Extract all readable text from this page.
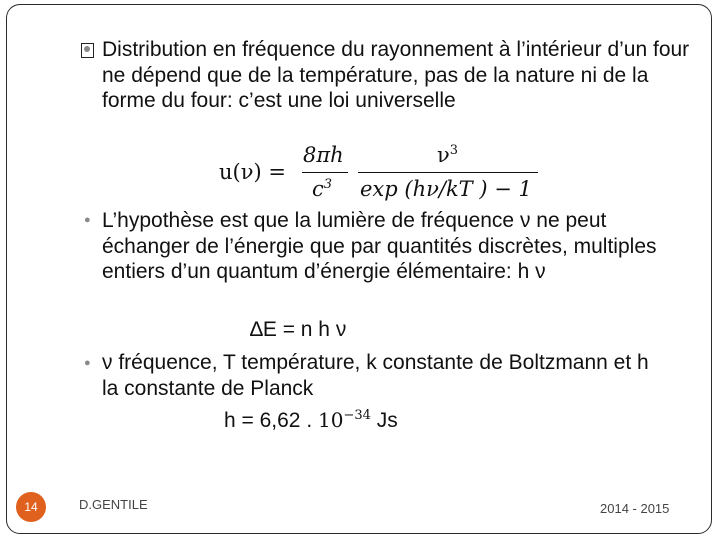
Distribution en fréquence du rayonnement à l’intérieur d’un four ne dépend que de la température, pas de la nature ni de la forme du four: c’est une loi universelle
u(ν) =
8πh
$c^3$
$\nu^3$
exp (hν/kT ) − 1
● L’hypothèse est que la lumière de fréquence ν ne peut échanger de l’énergie que par quantités discrètes, multiples entiers d’un quantum d’énergie élémentaire: h ν
∆E = n h ν
● ν fréquence, T température, k constante de Boltzmann et h la constante de Planck
h = 6,62 . $10^{-34}$ Js
14	D.GENTILE	2014 - 2015
